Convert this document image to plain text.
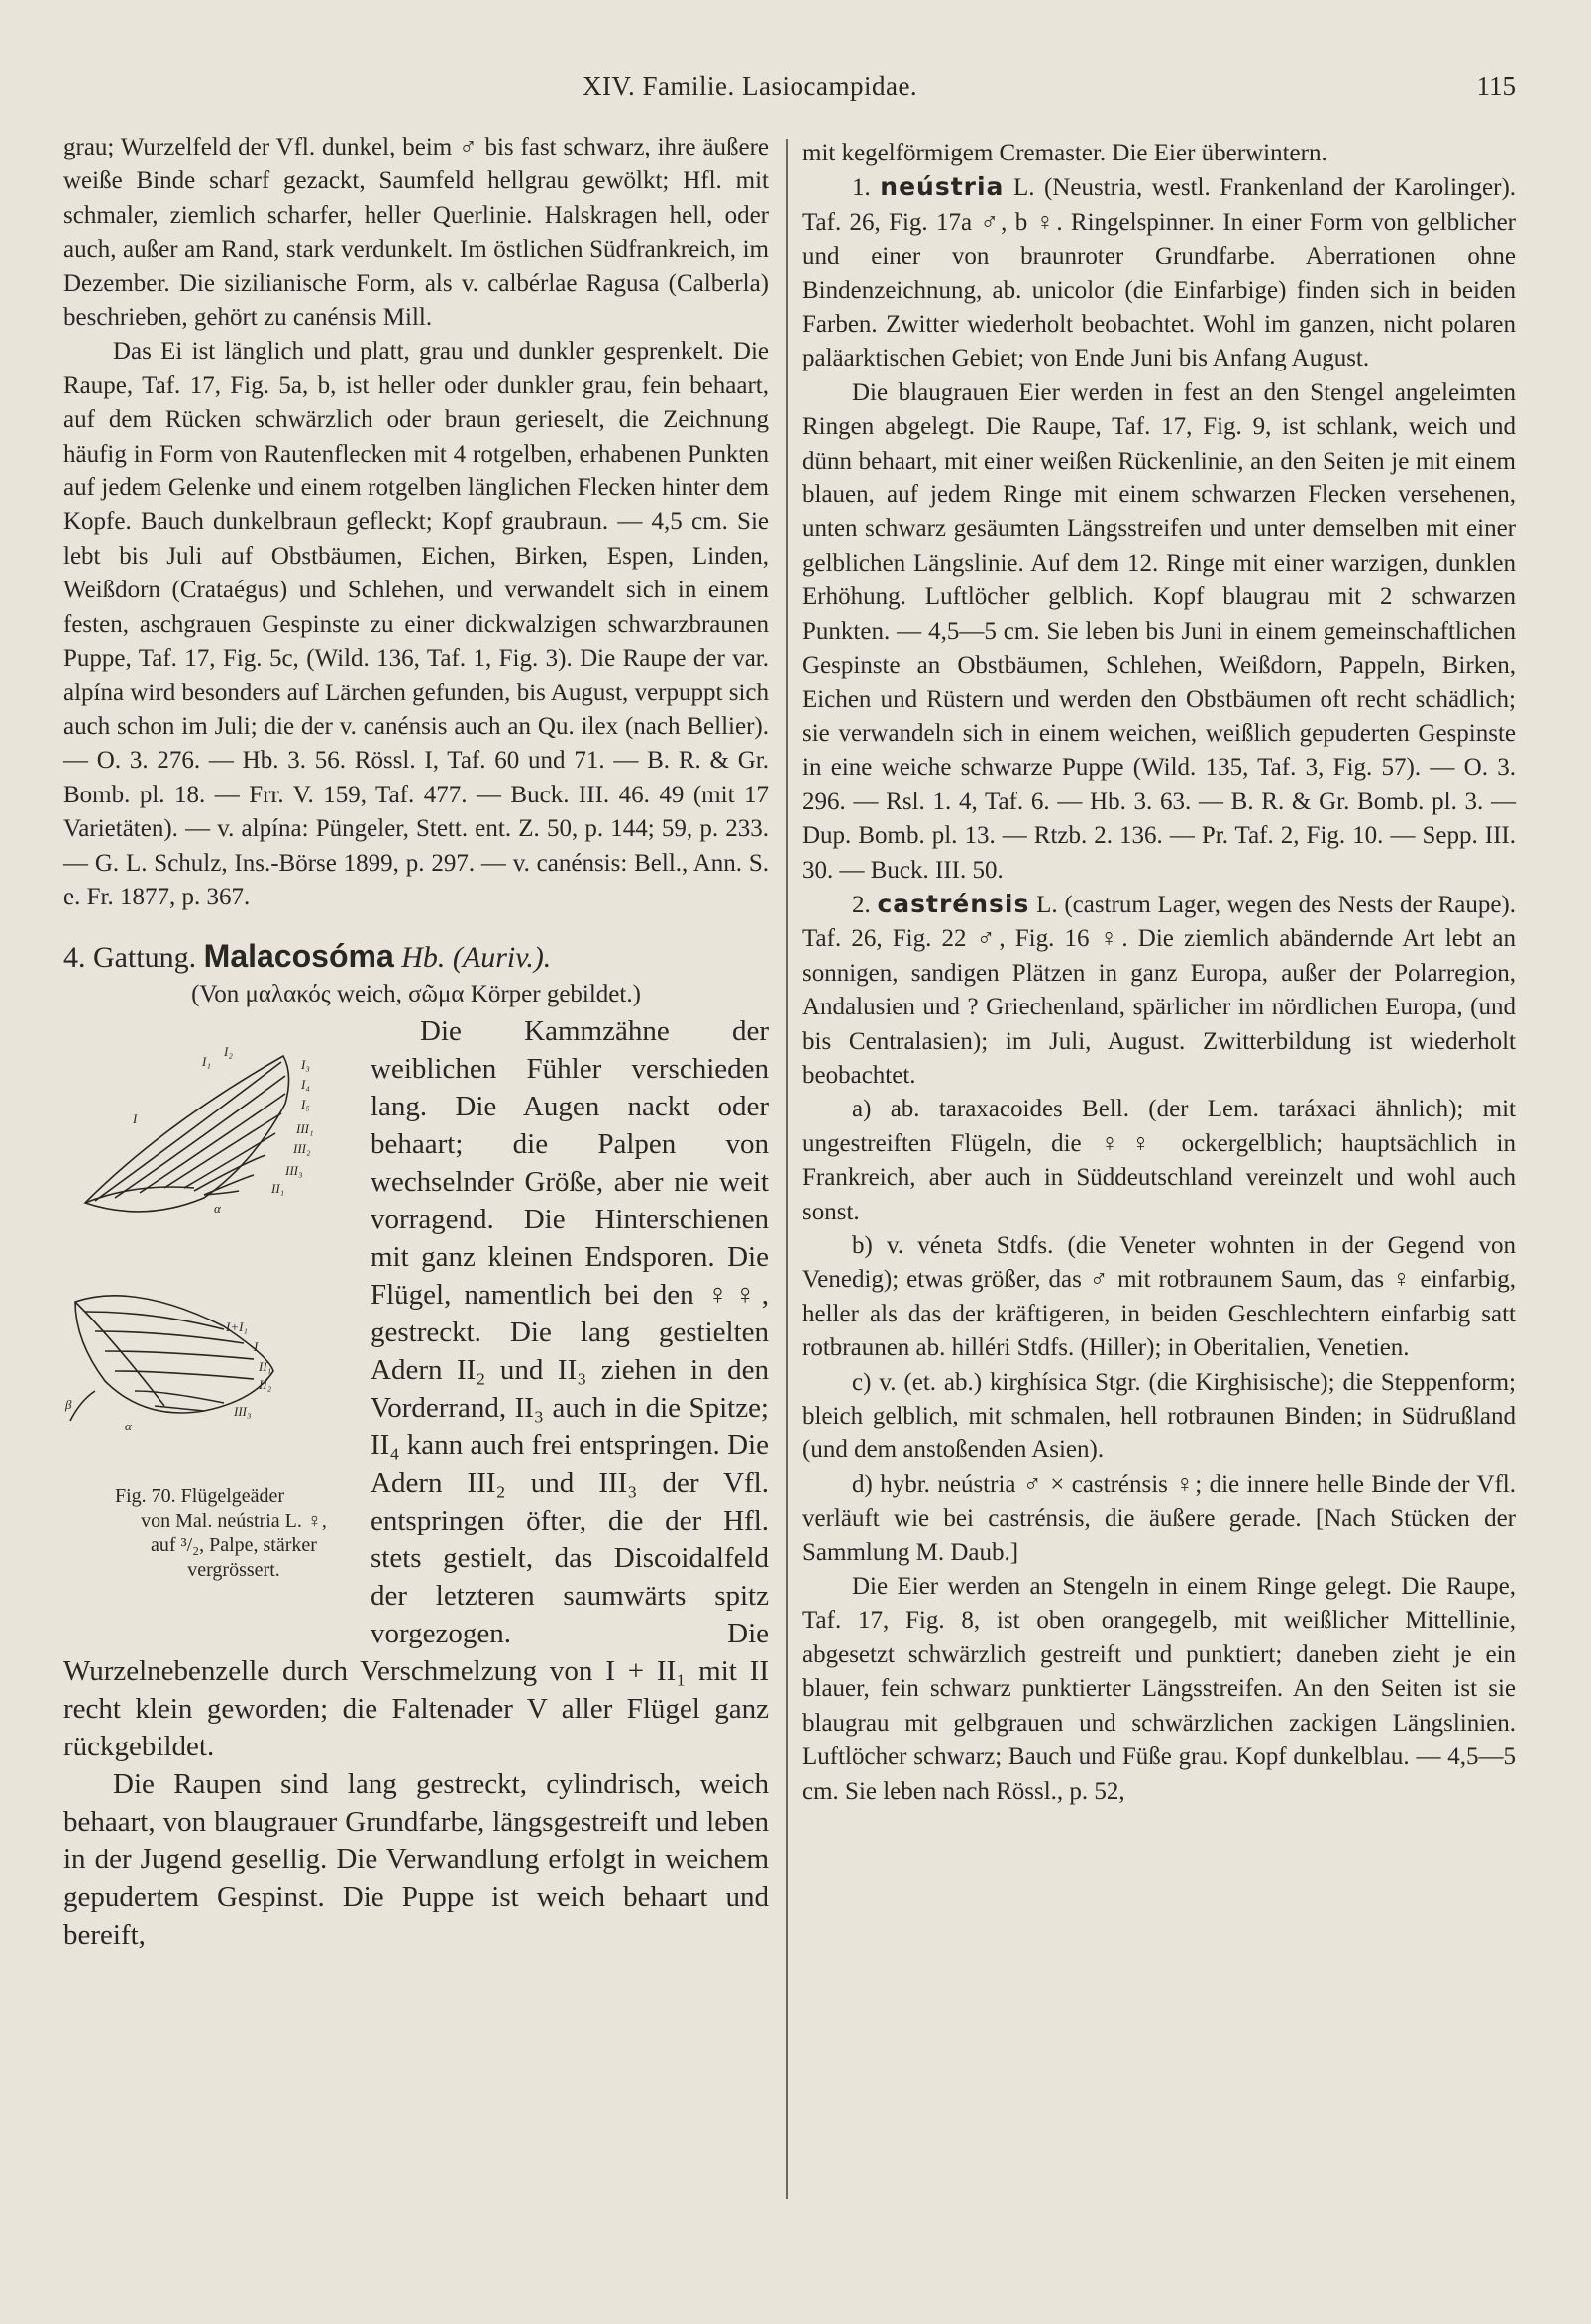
XIV. Familie. Lasiocampidae.	115

grau; Wurzelfeld der Vfl. dunkel, beim ♂ bis fast schwarz, ihre äußere weiße Binde scharf gezackt, Saumfeld hellgrau gewölkt; Hfl. mit schmaler, ziemlich scharfer, heller Querlinie. Halskragen hell, oder auch, außer am Rand, stark verdunkelt. Im östlichen Südfrankreich, im Dezember. Die sizilianische Form, als v. calbérlae Ragusa (Calberla) beschrieben, gehört zu canénsis Mill.

Das Ei ist länglich und platt, grau und dunkler gesprenkelt. Die Raupe, Taf. 17, Fig. 5a, b, ist heller oder dunkler grau, fein behaart, auf dem Rücken schwärzlich oder braun gerieselt, die Zeichnung häufig in Form von Rautenflecken mit 4 rotgelben, erhabenen Punkten auf jedem Gelenke und einem rotgelben länglichen Flecken hinter dem Kopfe. Bauch dunkelbraun gefleckt; Kopf graubraun. — 4,5 cm. Sie lebt bis Juli auf Obstbäumen, Eichen, Birken, Espen, Linden, Weißdorn (Crataégus) und Schlehen, und verwandelt sich in einem festen, aschgrauen Gespinste zu einer dickwalzigen schwarzbraunen Puppe, Taf. 17, Fig. 5c, (Wild. 136, Taf. 1, Fig. 3). Die Raupe der var. alpína wird besonders auf Lärchen gefunden, bis August, verpuppt sich auch schon im Juli; die der v. canénsis auch an Qu. ilex (nach Bellier). — O. 3. 276. — Hb. 3. 56. Rössl. I, Taf. 60 und 71. — B. R. & Gr. Bomb. pl. 18. — Frr. V. 159, Taf. 477. — Buck. III. 46. 49 (mit 17 Varietäten). — v. alpína: Püngeler, Stett. ent. Z. 50, p. 144; 59, p. 233. — G. L. Schulz, Ins.-Börse 1899, p. 297. — v. canénsis: Bell., Ann. S. e. Fr. 1877, p. 367.

4. Gattung. Malacosóma Hb. (Auriv.).

(Von μαλακός weich, σῶμα Körper gebildet.)

I₁
I₂
I₃
I₄
I₅
I
III₁
III₂
III₃
II₁
α
I+I₁
I
II₁
II₂
III₃
β
α
Fig. 70. Flügelgeäder
von Mal. neústria L. ♀,
auf ³/₂, Palpe, stärker
vergrössert.
Die Kammzähne der weiblichen Fühler verschieden lang. Die Augen nackt oder behaart; die Palpen von wechselnder Größe, aber nie weit vorragend. Die Hinterschienen mit ganz kleinen Endsporen. Die Flügel, namentlich bei den ♀♀, gestreckt. Die lang gestielten Adern II₂ und II₃ ziehen in den Vorderrand, II₃ auch in die Spitze; II₄ kann auch frei entspringen. Die Adern III₂ und III₃ der Vfl. entspringen öfter, die der Hfl. stets gestielt, das Discoidalfeld der letzteren saumwärts spitz vorgezogen. Die Wurzelnebenzelle durch Verschmelzung von I + II₁ mit II recht klein geworden; die Faltenader V aller Flügel ganz rückgebildet.

Die Raupen sind lang gestreckt, cylindrisch, weich behaart, von blaugrauer Grundfarbe, längsgestreift und leben in der Jugend gesellig. Die Verwandlung erfolgt in weichem gepudertem Gespinst. Die Puppe ist weich behaart und bereift,

mit kegelförmigem Cremaster. Die Eier überwintern.

1. neústria L. (Neustria, westl. Frankenland der Karolinger). Taf. 26, Fig. 17a ♂, b ♀. Ringelspinner. In einer Form von gelblicher und einer von braunroter Grundfarbe. Aberrationen ohne Bindenzeichnung, ab. unicolor (die Einfarbige) finden sich in beiden Farben. Zwitter wiederholt beobachtet. Wohl im ganzen, nicht polaren paläarktischen Gebiet; von Ende Juni bis Anfang August.

Die blaugrauen Eier werden in fest an den Stengel angeleimten Ringen abgelegt. Die Raupe, Taf. 17, Fig. 9, ist schlank, weich und dünn behaart, mit einer weißen Rückenlinie, an den Seiten je mit einem blauen, auf jedem Ringe mit einem schwarzen Flecken versehenen, unten schwarz gesäumten Längsstreifen und unter demselben mit einer gelblichen Längslinie. Auf dem 12. Ringe mit einer warzigen, dunklen Erhöhung. Luftlöcher gelblich. Kopf blaugrau mit 2 schwarzen Punkten. — 4,5—5 cm. Sie leben bis Juni in einem gemeinschaftlichen Gespinste an Obstbäumen, Schlehen, Weißdorn, Pappeln, Birken, Eichen und Rüstern und werden den Obstbäumen oft recht schädlich; sie verwandeln sich in einem weichen, weißlich gepuderten Gespinste in eine weiche schwarze Puppe (Wild. 135, Taf. 3, Fig. 57). — O. 3. 296. — Rsl. 1. 4, Taf. 6. — Hb. 3. 63. — B. R. & Gr. Bomb. pl. 3. — Dup. Bomb. pl. 13. — Rtzb. 2. 136. — Pr. Taf. 2, Fig. 10. — Sepp. III. 30. — Buck. III. 50.

2. castrénsis L. (castrum Lager, wegen des Nests der Raupe). Taf. 26, Fig. 22 ♂, Fig. 16 ♀. Die ziemlich abändernde Art lebt an sonnigen, sandigen Plätzen in ganz Europa, außer der Polarregion, Andalusien und ? Griechenland, spärlicher im nördlichen Europa, (und bis Centralasien); im Juli, August. Zwitterbildung ist wiederholt beobachtet.

a) ab. taraxacoides Bell. (der Lem. taráxaci ähnlich); mit ungestreiften Flügeln, die ♀♀ ockergelblich; hauptsächlich in Frankreich, aber auch in Süddeutschland vereinzelt und wohl auch sonst.

b) v. véneta Stdfs. (die Veneter wohnten in der Gegend von Venedig); etwas größer, das ♂ mit rotbraunem Saum, das ♀ einfarbig, heller als das der kräftigeren, in beiden Geschlechtern einfarbig satt rotbraunen ab. hilléri Stdfs. (Hiller); in Oberitalien, Venetien.

c) v. (et. ab.) kirghísica Stgr. (die Kirghisische); die Steppenform; bleich gelblich, mit schmalen, hell rotbraunen Binden; in Südrußland (und dem anstoßenden Asien).

d) hybr. neústria ♂ × castrénsis ♀; die innere helle Binde der Vfl. verläuft wie bei castrénsis, die äußere gerade. [Nach Stücken der Sammlung M. Daub.]

Die Eier werden an Stengeln in einem Ringe gelegt. Die Raupe, Taf. 17, Fig. 8, ist oben orangegelb, mit weißlicher Mittellinie, abgesetzt schwärzlich gestreift und punktiert; daneben zieht je ein blauer, fein schwarz punktierter Längsstreifen. An den Seiten ist sie blaugrau mit gelbgrauen und schwärzlichen zackigen Längslinien. Luftlöcher schwarz; Bauch und Füße grau. Kopf dunkelblau. — 4,5—5 cm. Sie leben nach Rössl., p. 52,
